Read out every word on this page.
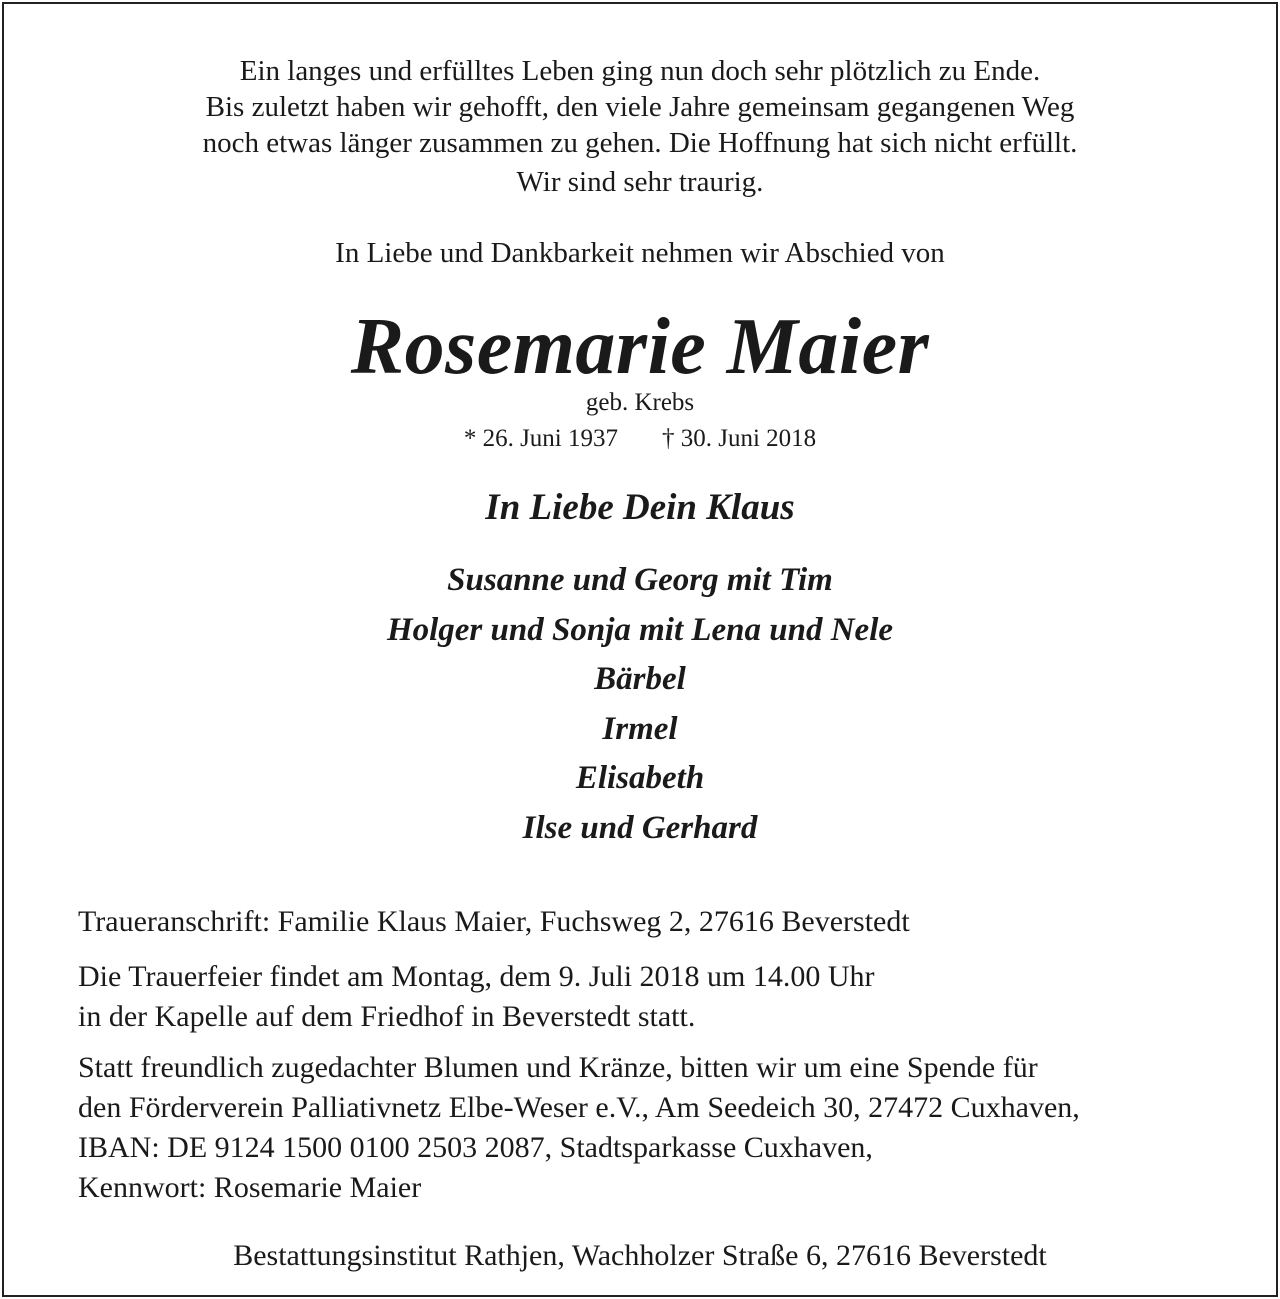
Ein langes und erfülltes Leben ging nun doch sehr plötzlich zu Ende.
Bis zuletzt haben wir gehofft, den viele Jahre gemeinsam gegangenen Weg
noch etwas länger zusammen zu gehen. Die Hoffnung hat sich nicht erfüllt.
Wir sind sehr traurig.
In Liebe und Dankbarkeit nehmen wir Abschied von
Rosemarie Maier
geb. Krebs
* 26. Juni 1937 † 30. Juni 2018
In Liebe Dein Klaus
Susanne und Georg mit Tim
Holger und Sonja mit Lena und Nele
Bärbel
Irmel
Elisabeth
Ilse und Gerhard
Traueranschrift: Familie Klaus Maier, Fuchsweg 2, 27616 Beverstedt
Die Trauerfeier findet am Montag, dem 9. Juli 2018 um 14.00 Uhr
in der Kapelle auf dem Friedhof in Beverstedt statt.
Statt freundlich zugedachter Blumen und Kränze, bitten wir um eine Spende für
den Förderverein Palliativnetz Elbe-Weser e.V., Am Seedeich 30, 27472 Cuxhaven,
IBAN: DE 9124 1500 0100 2503 2087, Stadtsparkasse Cuxhaven,
Kennwort: Rosemarie Maier
Bestattungsinstitut Rathjen, Wachholzer Straße 6, 27616 Beverstedt
